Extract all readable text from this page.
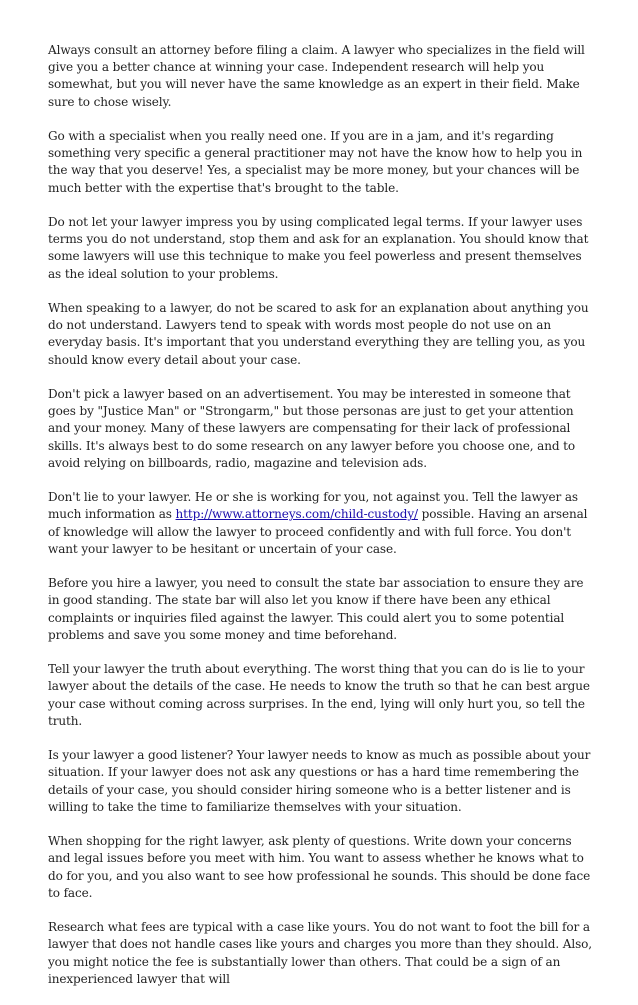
Always consult an attorney before filing a claim. A lawyer who specializes in the field will give you a better chance at winning your case. Independent research will help you somewhat, but you will never have the same knowledge as an expert in their field. Make sure to chose wisely.

Go with a specialist when you really need one. If you are in a jam, and it's regarding something very specific a general practitioner may not have the know how to help you in the way that you deserve! Yes, a specialist may be more money, but your chances will be much better with the expertise that's brought to the table.

Do not let your lawyer impress you by using complicated legal terms. If your lawyer uses terms you do not understand, stop them and ask for an explanation. You should know that some lawyers will use this technique to make you feel powerless and present themselves as the ideal solution to your problems.

When speaking to a lawyer, do not be scared to ask for an explanation about anything you do not understand. Lawyers tend to speak with words most people do not use on an everyday basis. It's important that you understand everything they are telling you, as you should know every detail about your case.

Don't pick a lawyer based on an advertisement. You may be interested in someone that goes by "Justice Man" or "Strongarm," but those personas are just to get your attention and your money. Many of these lawyers are compensating for their lack of professional skills. It's always best to do some research on any lawyer before you choose one, and to avoid relying on billboards, radio, magazine and television ads.

Don't lie to your lawyer. He or she is working for you, not against you. Tell the lawyer as much information as http://www.attorneys.com/child-custody/ possible. Having an arsenal of knowledge will allow the lawyer to proceed confidently and with full force. You don't want your lawyer to be hesitant or uncertain of your case.

Before you hire a lawyer, you need to consult the state bar association to ensure they are in good standing. The state bar will also let you know if there have been any ethical complaints or inquiries filed against the lawyer. This could alert you to some potential problems and save you some money and time beforehand.

Tell your lawyer the truth about everything. The worst thing that you can do is lie to your lawyer about the details of the case. He needs to know the truth so that he can best argue your case without coming across surprises. In the end, lying will only hurt you, so tell the truth.

Is your lawyer a good listener? Your lawyer needs to know as much as possible about your situation. If your lawyer does not ask any questions or has a hard time remembering the details of your case, you should consider hiring someone who is a better listener and is willing to take the time to familiarize themselves with your situation.

When shopping for the right lawyer, ask plenty of questions. Write down your concerns and legal issues before you meet with him. You want to assess whether he knows what to do for you, and you also want to see how professional he sounds. This should be done face to face.

Research what fees are typical with a case like yours. You do not want to foot the bill for a lawyer that does not handle cases like yours and charges you more than they should. Also, you might notice the fee is substantially lower than others. That could be a sign of an inexperienced lawyer that will
